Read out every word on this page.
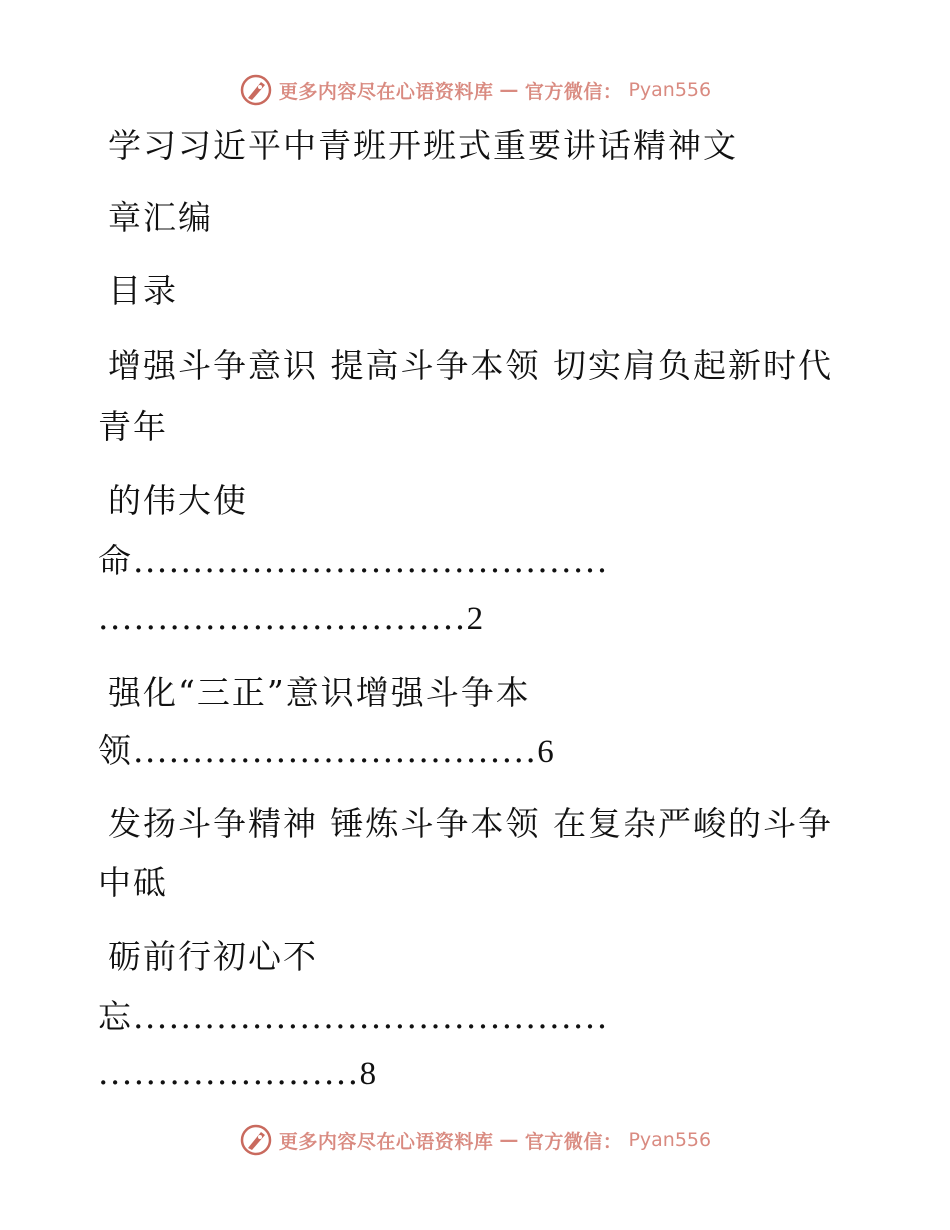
更多内容尽在心语资料库 — 官方微信： Pyan556
学习习近平中青班开班式重要讲话精神文
章汇编
目录
增强斗争意识 提高斗争本领 切实肩负起新时代
青年
的伟大使
命........................................
...............................2
强化“三正”意识增强斗争本
领..................................6
发扬斗争精神 锤炼斗争本领 在复杂严峻的斗争
中砥
砺前行初心不
忘........................................
......................8
更多内容尽在心语资料库 — 官方微信： Pyan556
